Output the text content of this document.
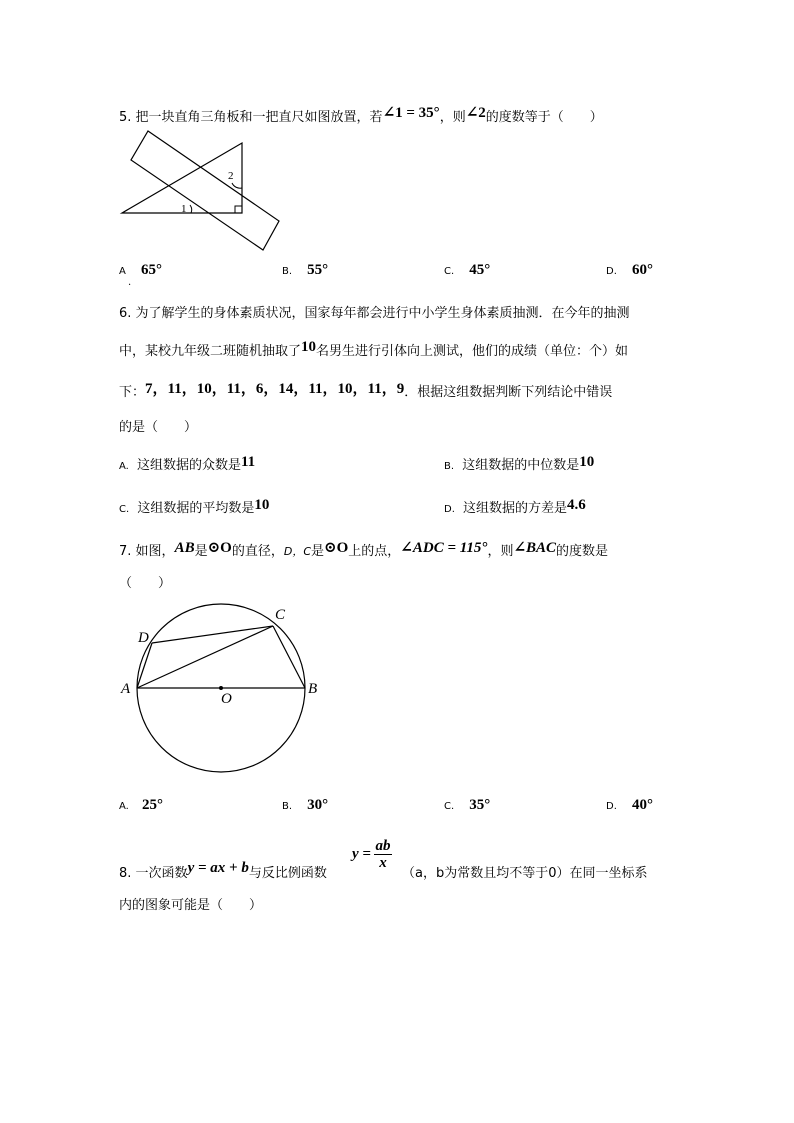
5. 把一块直角三角板和一把直尺如图放置，若∠1 = 35°，则∠2的度数等于（　　）
1
2
A 65°
.
B. 55°	C. 45°	D. 60°
6. 为了解学生的身体素质状况，国家每年都会进行中小学生身体素质抽测．在今年的抽测
中，某校九年级二班随机抽取了10名男生进行引体向上测试，他们的成绩（单位：个）如
下：7，11，10，11，6，14，11，10，11，9．根据这组数据判断下列结论中错误
的是（　　）
A. 这组数据的众数是11	B. 这组数据的中位数是10
C. 这组数据的平均数是10	D. 这组数据的方差是4.6
7. 如图，AB是⊙O的直径，D，C是⊙O上的点，∠ADC = 115°，则∠BAC的度数是
（　　）
A	B
C
D
O
A. 25°	B. 30°	C. 35°	D. 40°
8. 一次函数y = ax + b与反比例函数
y = ab
x
（a，b为常数且均不等于0）在同一坐标系
内的图象可能是（　　）
